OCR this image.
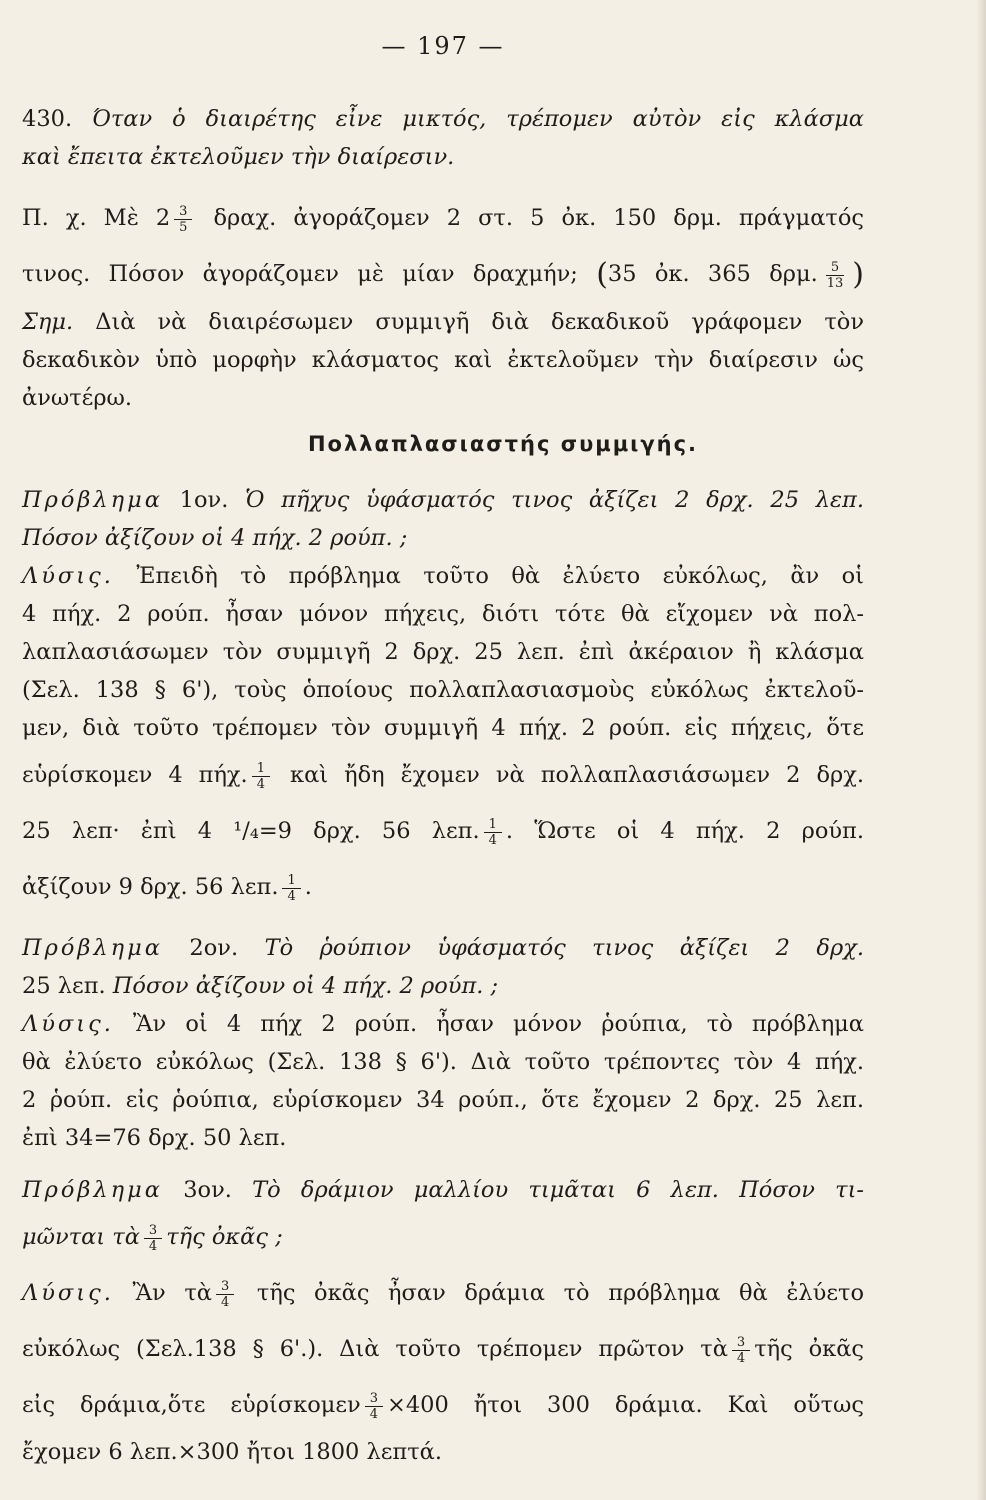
— 197 —

430. Όταν ὁ διαιρέτης εἶνε μικτός, τρέπομεν αὐτὸν εἰς κλάσμα

καὶ ἔπειτα ἐκτελοῦμεν τὴν διαίρεσιν.

Π. χ. Μὲ $2 \frac{3}{5} \delta\rho\alpha\chi$. ἀγοράζομεν 2 στ. 5 ὀκ. 150 δρμ. πράγματός

τινος. Πόσον ἀγοράζομεν μὲ μίαν δραχμήν; (35 ὀκ. 365 δρμ. $\frac{5}{13}$ )

Σημ. Διὰ νὰ διαιρέσωμεν συμμιγῆ διὰ δεκαδικοῦ γράφομεν τὸν

δεκαδικὸν ὑπὸ μορφὴν κλάσματος καὶ ἐκτελοῦμεν τὴν διαίρεσιν ὡς

ἀνωτέρω.

Πολλαπλασιαστής συμμιγής.

Πρόβλημα 1ον. Ὁ πῆχυς ὑφάσματός τινος ἀξίζει 2 δρχ. 25 λεπ.

Πόσον ἀξίζουν οἱ 4 πήχ. 2 ρούπ. ;

Λύσις. Ἐπειδὴ τὸ πρόβλημα τοῦτο θὰ ἐλύετο εὐκόλως, ἂν οἱ

4 πήχ. 2 ρούπ. ἦσαν μόνον πήχεις, διότι τότε θὰ εἴχομεν νὰ πολ-

λαπλασιάσωμεν τὸν συμμιγῆ 2 δρχ. 25 λεπ. ἐπὶ ἀκέραιον ἢ κλάσμα

(Σελ. 138 § 6'), τοὺς ὁποίους πολλαπλασιασμοὺς εὐκόλως ἐκτελοῦ-

μεν, διὰ τοῦτο τρέπομεν τὸν συμμιγῆ 4 πήχ. 2 ρούπ. εἰς πήχεις, ὅτε

εὑρίσκομεν 4 πήχ. $\frac{1}{4}$ καὶ ἤδη ἔχομεν νὰ πολλαπλασιάσωμεν 2 δρχ.

25 λεπ· ἐπὶ 4 ¹/₄=9 δρχ. 56 λεπ. $\frac{1}{4}$ . Ὥστε οἱ 4 πήχ. 2 ρούπ.

ἀξίζουν 9 δρχ. 56 λεπ. $\frac{1}{4}$ .

Πρόβλημα 2ον. Τὸ ῥούπιον ὑφάσματός τινος ἀξίζει 2 δρχ.

25 λεπ. Πόσον ἀξίζουν οἱ 4 πήχ. 2 ρούπ. ;

Λύσις. Ἂν οἱ 4 πήχ 2 ρούπ. ἦσαν μόνον ῥούπια, τὸ πρόβλημα

θὰ ἐλύετο εὐκόλως (Σελ. 138 § 6'). Διὰ τοῦτο τρέποντες τὸν 4 πήχ.

2 ῥούπ. εἰς ῥούπια, εὑρίσκομεν 34 ρούπ., ὅτε ἔχομεν 2 δρχ. 25 λεπ.

ἐπὶ 34=76 δρχ. 50 λεπ.

Πρόβλημα 3ον. Τὸ δράμιον μαλλίου τιμᾶται 6 λεπ. Πόσον τι-

μῶνται τὰ $\frac{3}{4}$ τῆς ὀκᾶς ;

Λύσις. Ἂν τὰ $\frac{3}{4}$ τῆς ὀκᾶς ἦσαν δράμια τὸ πρόβλημα θὰ ἐλύετο

εὐκόλως (Σελ.138 § 6'.). Διὰ τοῦτο τρέπομεν πρῶτον τὰ $\frac{3}{4}$ τῆς ὀκᾶς

εἰς δράμια,ὅτε εὑρίσκομεν $\frac{3}{4} \times 400$ ἤτοι 300 δράμια. Καὶ οὕτως

ἔχομεν 6 λεπ.×300 ἤτοι 1800 λεπτά.
